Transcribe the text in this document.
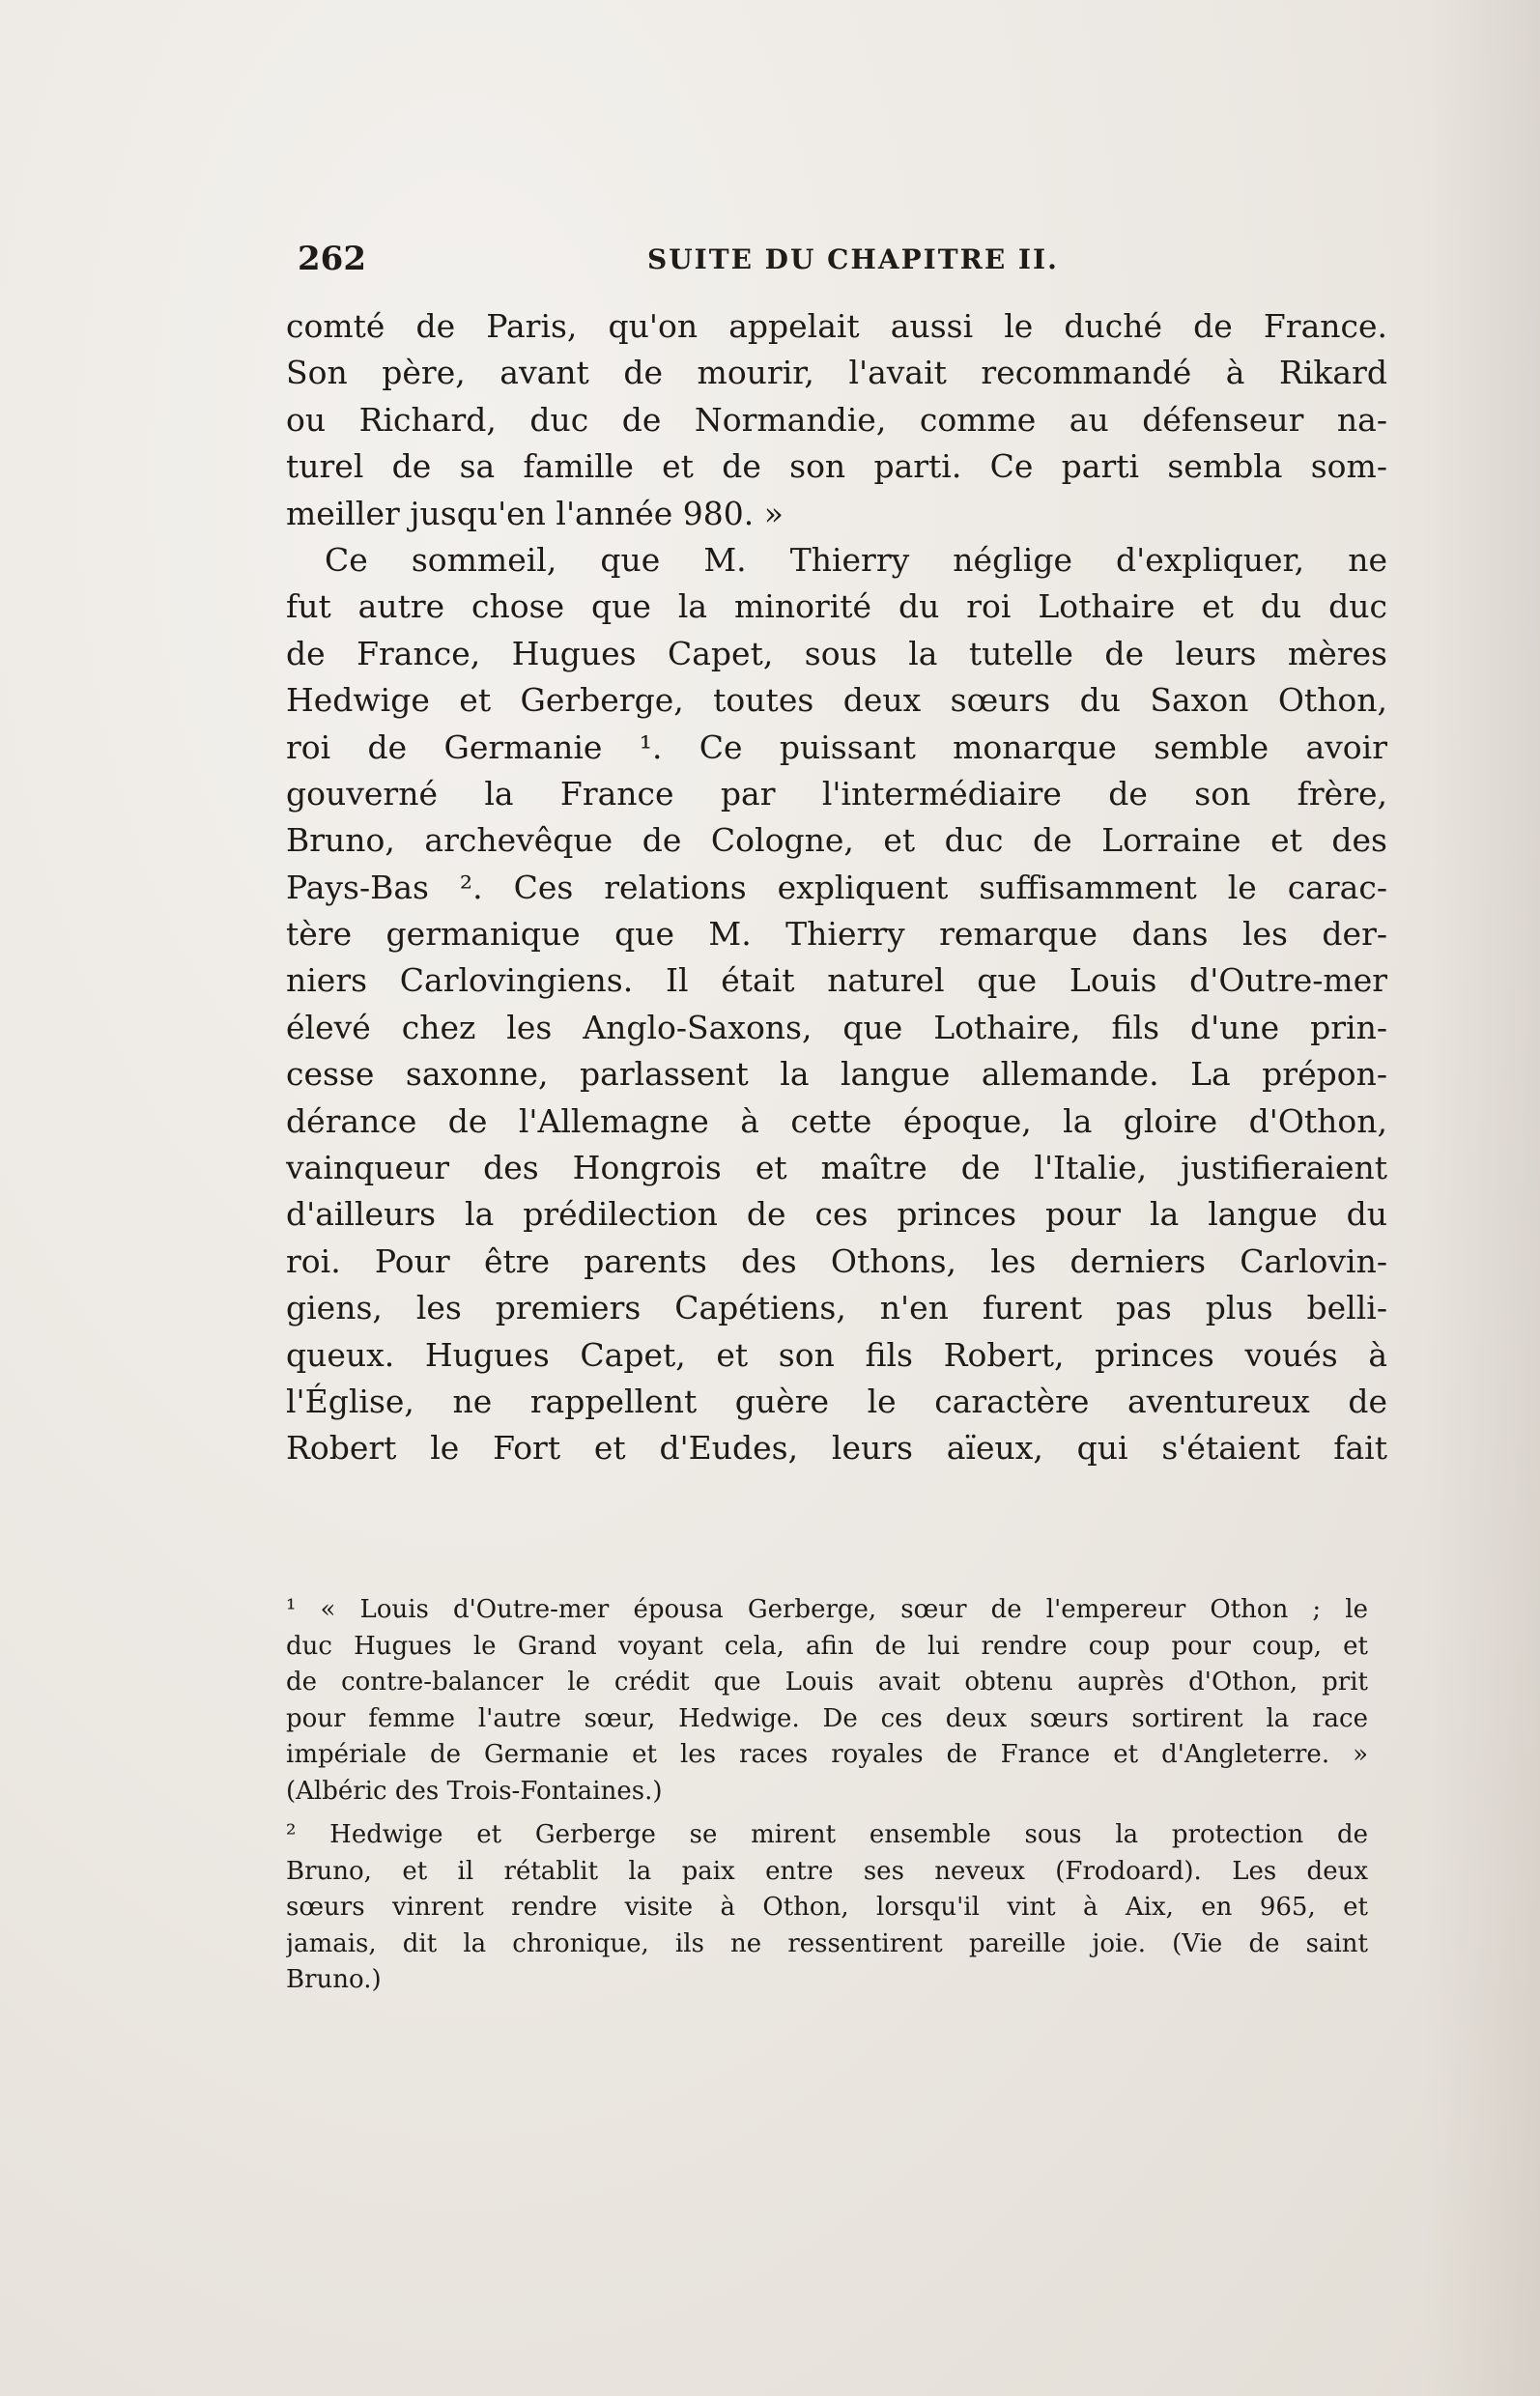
262	SUITE DU CHAPITRE II.
comté de Paris, qu'on appelait aussi le duché de France.
Son père, avant de mourir, l'avait recommandé à Rikard
ou Richard, duc de Normandie, comme au défenseur na-
turel de sa famille et de son parti. Ce parti sembla som-
meiller jusqu'en l'année 980. »
Ce sommeil, que M. Thierry néglige d'expliquer, ne
fut autre chose que la minorité du roi Lothaire et du duc
de France, Hugues Capet, sous la tutelle de leurs mères
Hedwige et Gerberge, toutes deux sœurs du Saxon Othon,
roi de Germanie ¹. Ce puissant monarque semble avoir
gouverné la France par l'intermédiaire de son frère,
Bruno, archevêque de Cologne, et duc de Lorraine et des
Pays-Bas ². Ces relations expliquent suffisamment le carac-
tère germanique que M. Thierry remarque dans les der-
niers Carlovingiens. Il était naturel que Louis d'Outre-mer
élevé chez les Anglo-Saxons, que Lothaire, fils d'une prin-
cesse saxonne, parlassent la langue allemande. La prépon-
dérance de l'Allemagne à cette époque, la gloire d'Othon,
vainqueur des Hongrois et maître de l'Italie, justifieraient
d'ailleurs la prédilection de ces princes pour la langue du
roi. Pour être parents des Othons, les derniers Carlovin-
giens, les premiers Capétiens, n'en furent pas plus belli-
queux. Hugues Capet, et son fils Robert, princes voués à
l'Église, ne rappellent guère le caractère aventureux de
Robert le Fort et d'Eudes, leurs aïeux, qui s'étaient fait
¹ « Louis d'Outre-mer épousa Gerberge, sœur de l'empereur Othon ; le
duc Hugues le Grand voyant cela, afin de lui rendre coup pour coup, et
de contre-balancer le crédit que Louis avait obtenu auprès d'Othon, prit
pour femme l'autre sœur, Hedwige. De ces deux sœurs sortirent la race
impériale de Germanie et les races royales de France et d'Angleterre. »
(Albéric des Trois-Fontaines.)
² Hedwige et Gerberge se mirent ensemble sous la protection de
Bruno, et il rétablit la paix entre ses neveux (Frodoard). Les deux
sœurs vinrent rendre visite à Othon, lorsqu'il vint à Aix, en 965, et
jamais, dit la chronique, ils ne ressentirent pareille joie. (Vie de saint
Bruno.)
